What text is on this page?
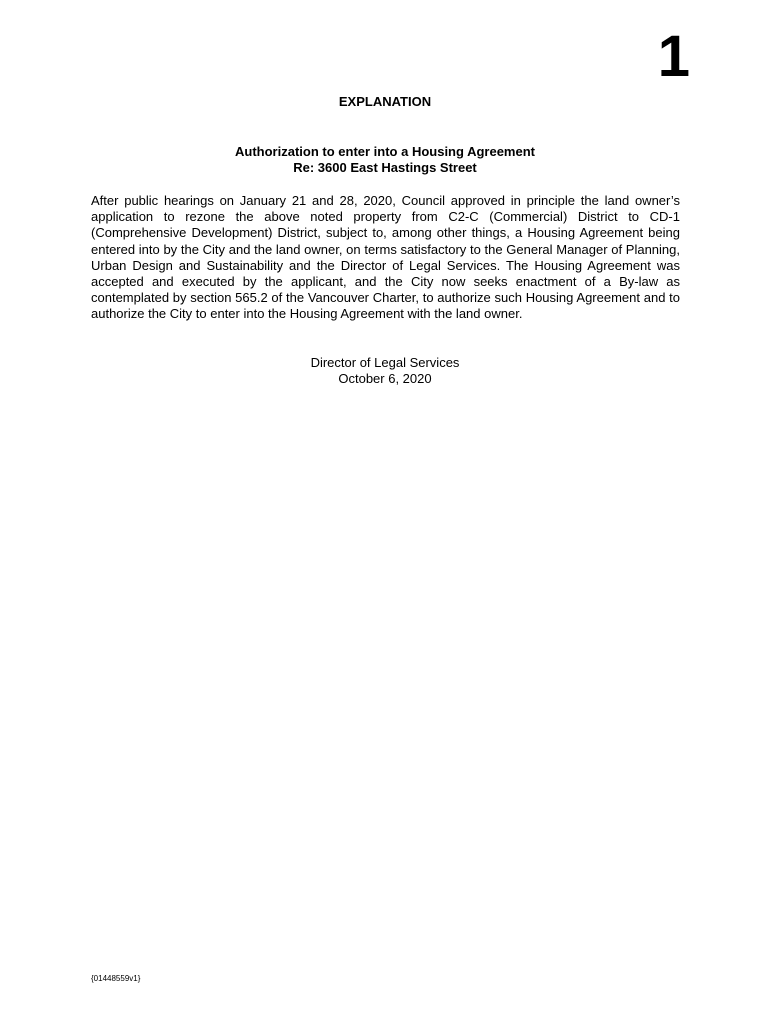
1
EXPLANATION
Authorization to enter into a Housing Agreement
Re: 3600 East Hastings Street
After public hearings on January 21 and 28, 2020, Council approved in principle the land owner’s application to rezone the above noted property from C2-C (Commercial) District to CD-1 (Comprehensive Development) District, subject to, among other things, a Housing Agreement being entered into by the City and the land owner, on terms satisfactory to the General Manager of Planning, Urban Design and Sustainability and the Director of Legal Services. The Housing Agreement was accepted and executed by the applicant, and the City now seeks enactment of a By-law as contemplated by section 565.2 of the Vancouver Charter, to authorize such Housing Agreement and to authorize the City to enter into the Housing Agreement with the land owner.
Director of Legal Services
October 6, 2020
{01448559v1}
